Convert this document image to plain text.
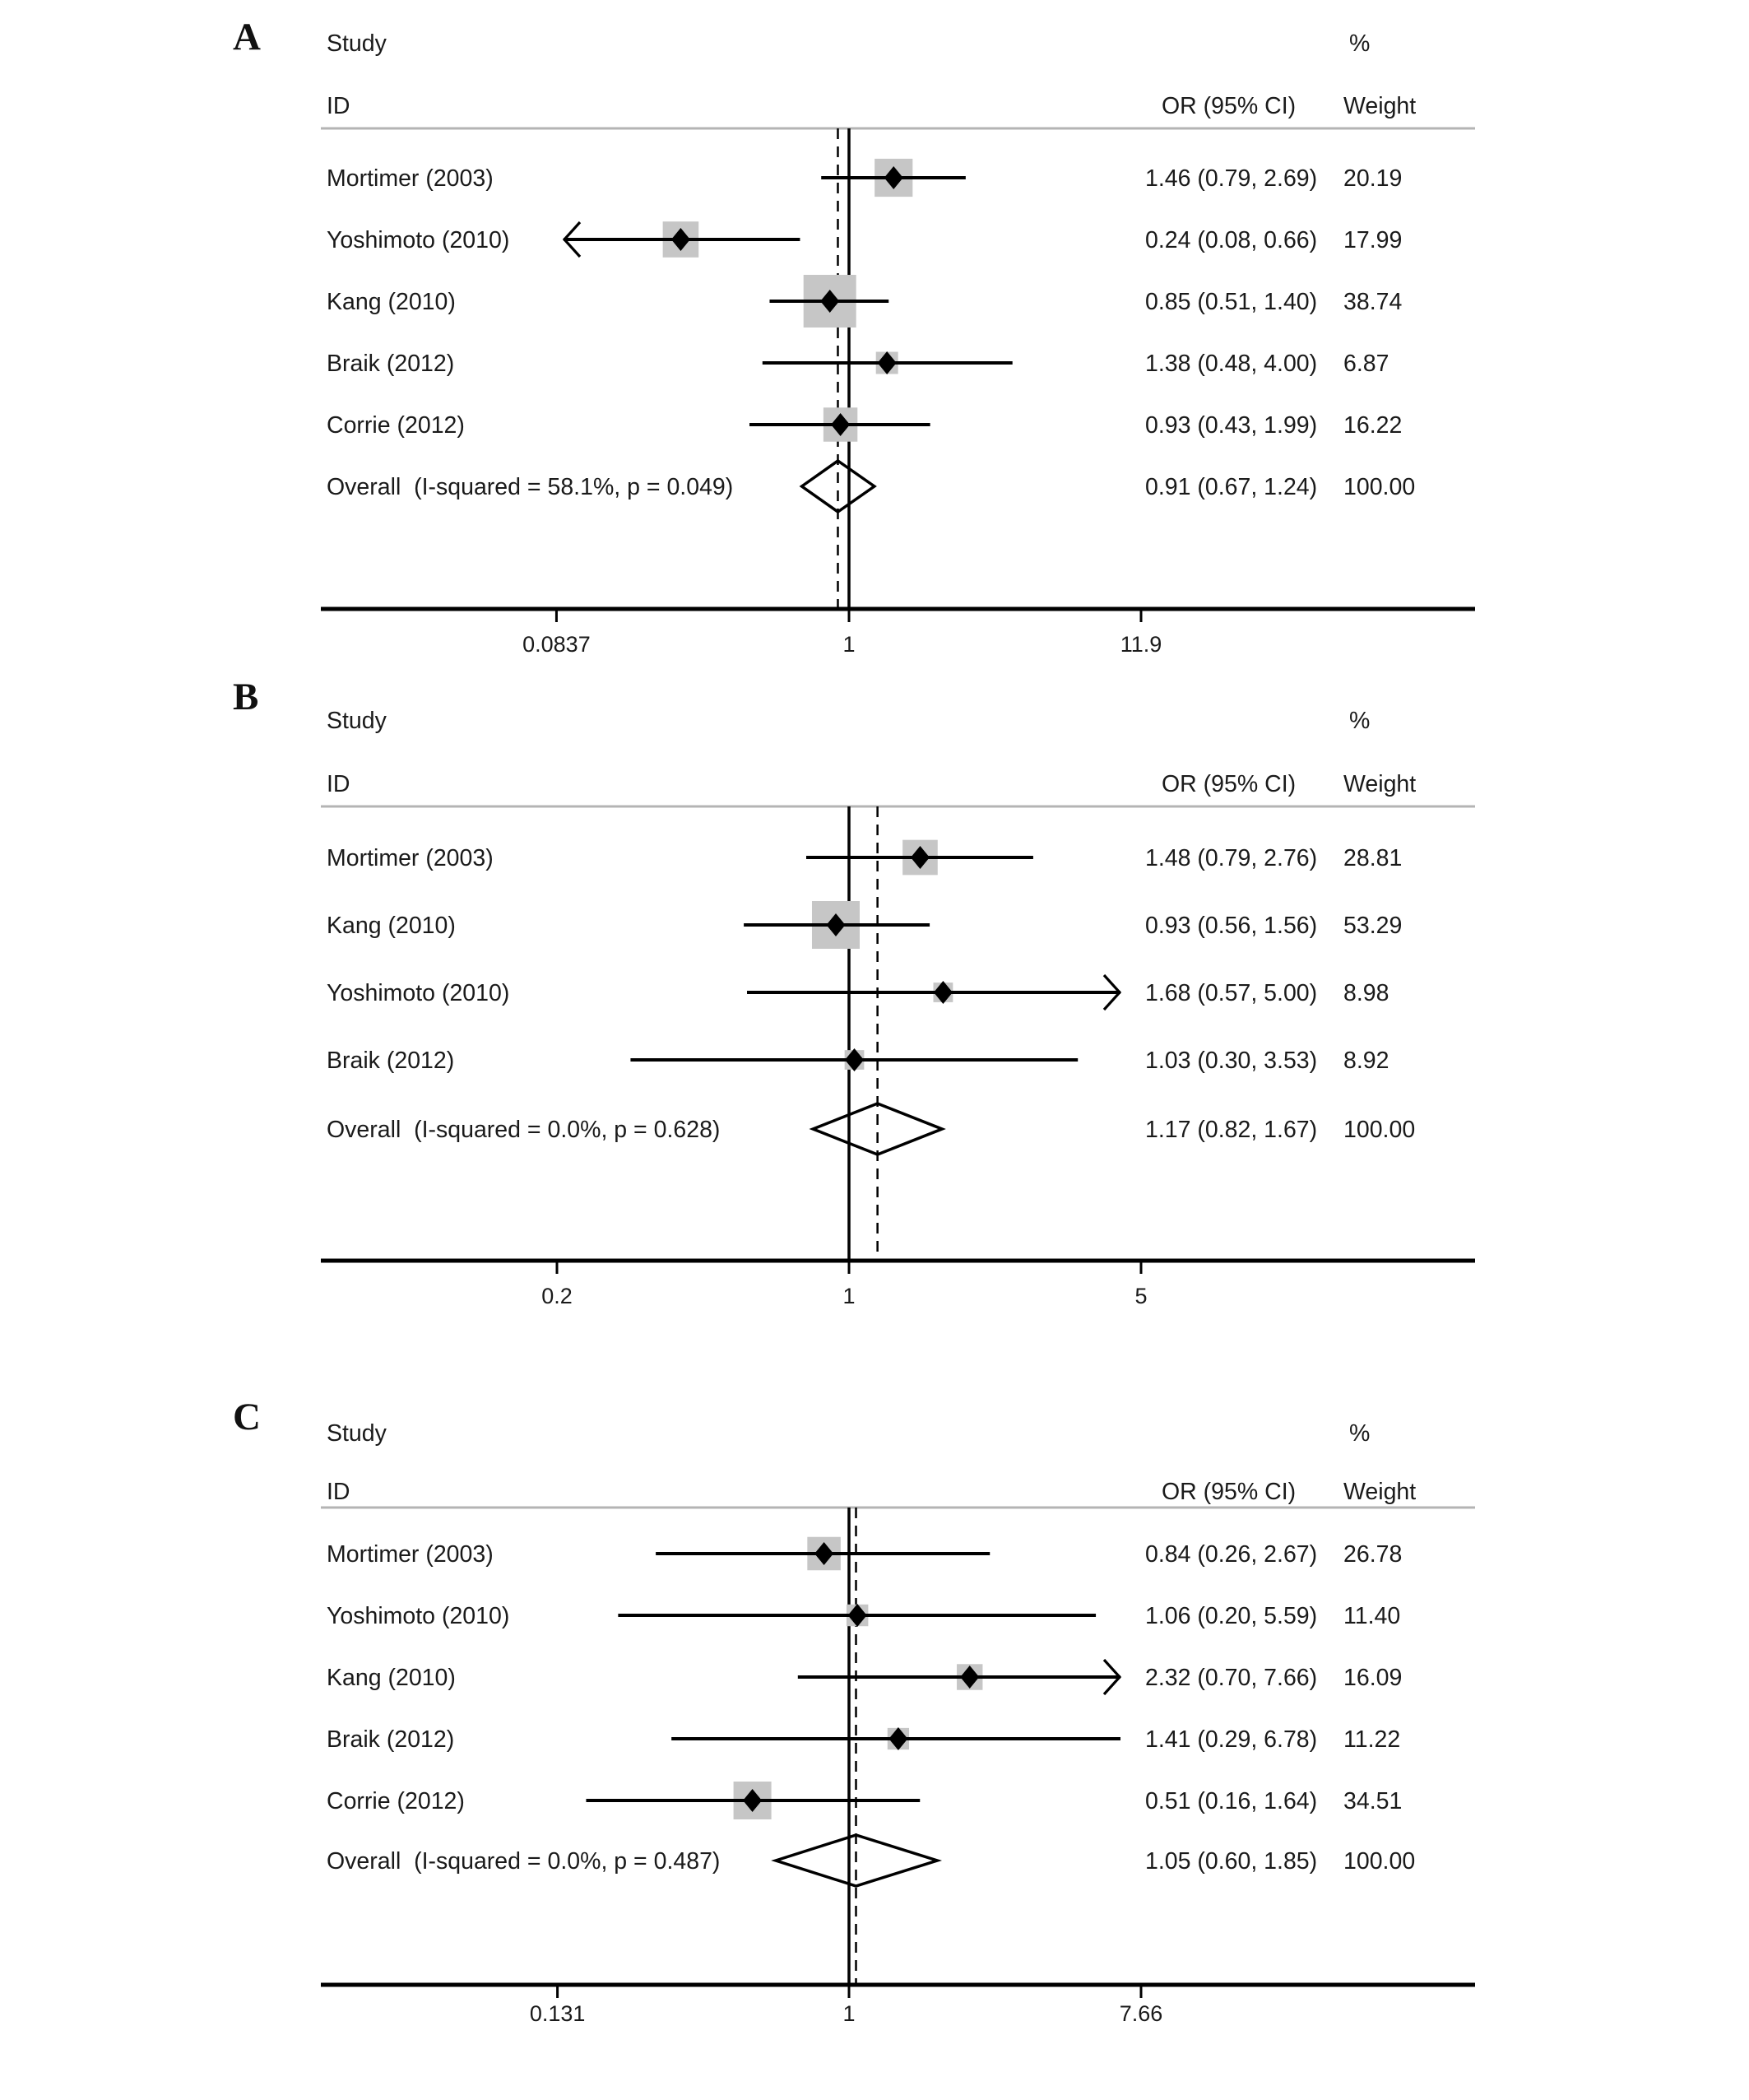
A	Study	%
ID	OR (95% CI) Weight
0.0837	1	11.9
Mortimer (2003)	1.46 (0.79, 2.69) 20.19
Yoshimoto (2010)	0.24 (0.08, 0.66) 17.99
Kang (2010)	0.85 (0.51, 1.40) 38.74
Braik (2012)	1.38 (0.48, 4.00) 6.87
Corrie (2012)	0.93 (0.43, 1.99) 16.22
Overall  (I-squared = 58.1%, p = 0.049)	0.91 (0.67, 1.24) 100.00
B
Study	%
ID	OR (95% CI) Weight
0.2	1	5
Mortimer (2003)	1.48 (0.79, 2.76) 28.81
Kang (2010)	0.93 (0.56, 1.56) 53.29
Yoshimoto (2010)	1.68 (0.57, 5.00) 8.98
Braik (2012)	1.03 (0.30, 3.53) 8.92
Overall  (I-squared = 0.0%, p = 0.628)	1.17 (0.82, 1.67) 100.00
C	Study	%
ID	OR (95% CI) Weight
0.131	1	7.66
Mortimer (2003)	0.84 (0.26, 2.67) 26.78
Yoshimoto (2010)	1.06 (0.20, 5.59) 11.40
Kang (2010)	2.32 (0.70, 7.66) 16.09
Braik (2012)	1.41 (0.29, 6.78) 11.22
Corrie (2012)	0.51 (0.16, 1.64) 34.51
Overall  (I-squared = 0.0%, p = 0.487)	1.05 (0.60, 1.85) 100.00
